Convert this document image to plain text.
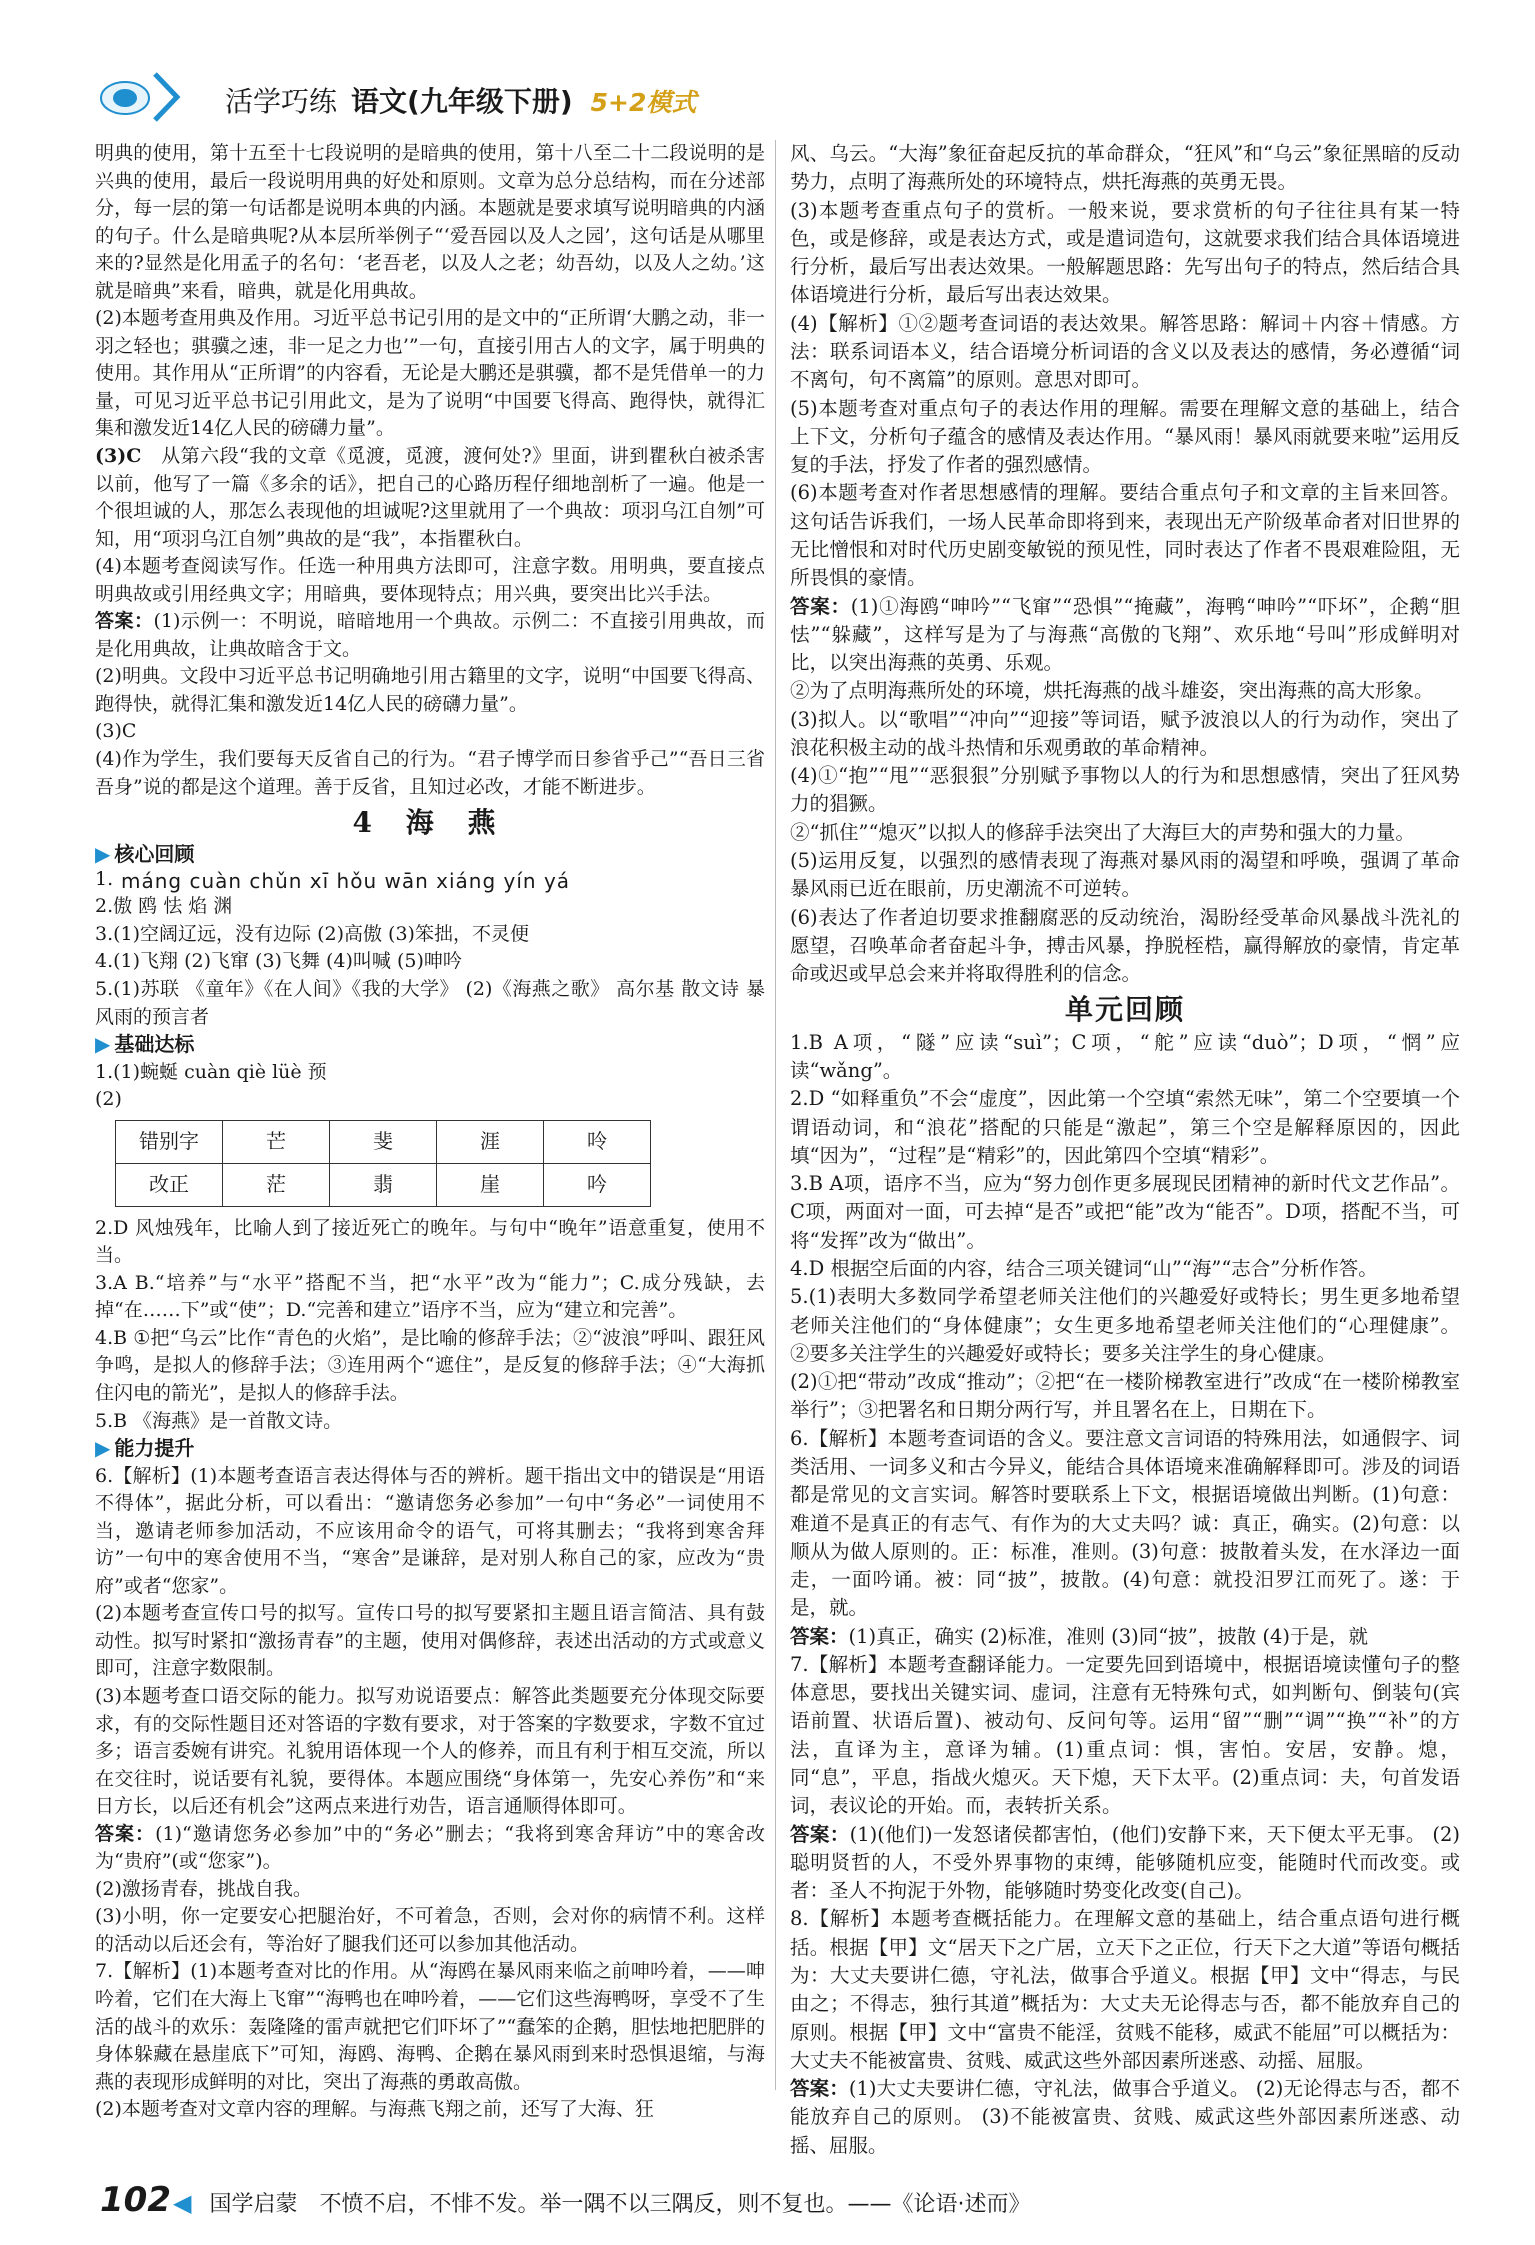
活学巧练 语文(九年级下册) 5+2模式

明典的使用，第十五至十七段说明的是暗典的使用，第十八至二十二段说明的是兴典的使用，最后一段说明用典的好处和原则。文章为总分总结构，而在分述部分，每一层的第一句话都是说明本典的内涵。本题就是要求填写说明暗典的内涵的句子。什么是暗典呢?从本层所举例子“‘爱吾园以及人之园’，这句话是从哪里来的?显然是化用孟子的名句：‘老吾老，以及人之老；幼吾幼，以及人之幼。’这就是暗典”来看，暗典，就是化用典故。

(2)本题考查用典及作用。习近平总书记引用的是文中的“正所谓‘大鹏之动，非一羽之轻也；骐骥之速，非一足之力也’”一句，直接引用古人的文字，属于明典的使用。其作用从“正所谓”的内容看，无论是大鹏还是骐骥，都不是凭借单一的力量，可见习近平总书记引用此文，是为了说明“中国要飞得高、跑得快，就得汇集和激发近14亿人民的磅礴力量”。

(3)C　 从第六段“我的文章《觅渡，觅渡，渡何处?》里面，讲到瞿秋白被杀害以前，他写了一篇《多余的话》，把自己的心路历程仔细地剖析了一遍。他是一个很坦诚的人，那怎么表现他的坦诚呢?这里就用了一个典故：项羽乌江自刎”可知，用“项羽乌江自刎”典故的是“我”，本指瞿秋白。

(4)本题考查阅读写作。任选一种用典方法即可，注意字数。用明典，要直接点明典故或引用经典文字；用暗典，要体现特点；用兴典，要突出比兴手法。

答案：(1)示例一：不明说，暗暗地用一个典故。示例二：不直接引用典故，而是化用典故，让典故暗含于文。

(2)明典。文段中习近平总书记明确地引用古籍里的文字，说明“中国要飞得高、跑得快，就得汇集和激发近14亿人民的磅礴力量”。

(3)C

(4)作为学生，我们要每天反省自己的行为。“君子博学而日参省乎己”“吾日三省吾身”说的都是这个道理。善于反省，且知过必改，才能不断进步。

4 海 燕
▶ 核心回顾
máng cuàn chǔn xī hǒu wān xiáng yín yá

1.

2.傲 鸥 怯 焰 渊

3.(1)空阔辽远，没有边际 (2)高傲 (3)笨拙，不灵便

4.(1)飞翔 (2)飞窜 (3)飞舞 (4)叫喊 (5)呻吟

5.(1)苏联 《童年》《在人间》《我的大学》 (2)《海燕之歌》 高尔基 散文诗 暴风雨的预言者

▶ 基础达标

1.(1)蜿蜒 cuàn qiè lüè 预

(2)

错别字	芒	斐	涯	呤
改正	茫	翡	崖	吟

2.D 风烛残年，比喻人到了接近死亡的晚年。与句中“晚年”语意重复，使用不当。

3.A B.“培养”与“水平”搭配不当，把“水平”改为“能力”；C.成分残缺，去掉“在……下”或“使”；D.“完善和建立”语序不当，应为“建立和完善”。

4.B ①把“乌云”比作“青色的火焰”，是比喻的修辞手法；②“波浪”呼叫、跟狂风争鸣，是拟人的修辞手法；③连用两个“遮住”，是反复的修辞手法；④“大海抓住闪电的箭光”，是拟人的修辞手法。

5.B 《海燕》是一首散文诗。

▶ 能力提升

6.【解析】(1)本题考查语言表达得体与否的辨析。题干指出文中的错误是“用语不得体”，据此分析，可以看出：“邀请您务必参加”一句中“务必”一词使用不当，邀请老师参加活动，不应该用命令的语气，可将其删去；“我将到寒舍拜访”一句中的寒舍使用不当，“寒舍”是谦辞，是对别人称自己的家，应改为“贵府”或者“您家”。

(2)本题考查宣传口号的拟写。宣传口号的拟写要紧扣主题且语言简洁、具有鼓动性。拟写时紧扣“激扬青春”的主题，使用对偶修辞，表述出活动的方式或意义即可，注意字数限制。

(3)本题考查口语交际的能力。拟写劝说语要点：解答此类题要充分体现交际要求，有的交际性题目还对答语的字数有要求，对于答案的字数要求，字数不宜过多；语言委婉有讲究。礼貌用语体现一个人的修养，而且有利于相互交流，所以在交往时，说话要有礼貌，要得体。本题应围绕“身体第一，先安心养伤”和“来日方长，以后还有机会”这两点来进行劝告，语言通顺得体即可。

答案：(1)“邀请您务必参加”中的“务必”删去；“我将到寒舍拜访”中的寒舍改为“贵府”(或“您家”)。

(2)激扬青春，挑战自我。

(3)小明，你一定要安心把腿治好，不可着急，否则，会对你的病情不利。这样的活动以后还会有，等治好了腿我们还可以参加其他活动。

7.【解析】(1)本题考查对比的作用。从“海鸥在暴风雨来临之前呻吟着，——呻吟着，它们在大海上飞窜”“海鸭也在呻吟着，——它们这些海鸭呀，享受不了生活的战斗的欢乐：轰隆隆的雷声就把它们吓坏了”“蠢笨的企鹅，胆怯地把肥胖的身体躲藏在悬崖底下”可知，海鸥、海鸭、企鹅在暴风雨到来时恐惧退缩，与海燕的表现形成鲜明的对比，突出了海燕的勇敢高傲。

(2)本题考查对文章内容的理解。与海燕飞翔之前，还写了大海、狂

风、乌云。“大海”象征奋起反抗的革命群众，“狂风”和“乌云”象征黑暗的反动势力，点明了海燕所处的环境特点，烘托海燕的英勇无畏。

(3)本题考查重点句子的赏析。一般来说，要求赏析的句子往往具有某一特色，或是修辞，或是表达方式，或是遣词造句，这就要求我们结合具体语境进行分析，最后写出表达效果。一般解题思路：先写出句子的特点，然后结合具体语境进行分析，最后写出表达效果。

(4)【解析】①②题考查词语的表达效果。解答思路：解词＋内容＋情感。方法：联系词语本义，结合语境分析词语的含义以及表达的感情，务必遵循“词不离句，句不离篇”的原则。意思对即可。

(5)本题考查对重点句子的表达作用的理解。需要在理解文意的基础上，结合上下文，分析句子蕴含的感情及表达作用。“暴风雨！暴风雨就要来啦”运用反复的手法，抒发了作者的强烈感情。

(6)本题考查对作者思想感情的理解。要结合重点句子和文章的主旨来回答。这句话告诉我们，一场人民革命即将到来，表现出无产阶级革命者对旧世界的无比憎恨和对时代历史剧变敏锐的预见性，同时表达了作者不畏艰难险阻，无所畏惧的豪情。

答案：(1)①海鸥“呻吟”“飞窜”“恐惧”“掩藏”，海鸭“呻吟”“吓坏”，企鹅“胆怯”“躲藏”，这样写是为了与海燕“高傲的飞翔”、欢乐地“号叫”形成鲜明对比，以突出海燕的英勇、乐观。

②为了点明海燕所处的环境，烘托海燕的战斗雄姿，突出海燕的高大形象。

(3)拟人。以“歌唱”“冲向”“迎接”等词语，赋予波浪以人的行为动作，突出了浪花积极主动的战斗热情和乐观勇敢的革命精神。

(4)①“抱”“甩”“恶狠狠”分别赋予事物以人的行为和思想感情，突出了狂风势力的猖獗。

②“抓住”“熄灭”以拟人的修辞手法突出了大海巨大的声势和强大的力量。

(5)运用反复，以强烈的感情表现了海燕对暴风雨的渴望和呼唤，强调了革命暴风雨已近在眼前，历史潮流不可逆转。

(6)表达了作者迫切要求推翻腐恶的反动统治，渴盼经受革命风暴战斗洗礼的愿望，召唤革命者奋起斗争，搏击风暴，挣脱桎梏，赢得解放的豪情，肯定革命或迟或早总会来并将取得胜利的信念。

单元回顾

1.B A项，“隧”应读“suì”；C项，“舵”应读“duò”；D项，“惘”应读“wǎng”。

2.D “如释重负”不会“虚度”，因此第一个空填“索然无味”，第二个空要填一个谓语动词，和“浪花”搭配的只能是“激起”，第三个空是解释原因的，因此填“因为”，“过程”是“精彩”的，因此第四个空填“精彩”。

3.B A项，语序不当，应为“努力创作更多展现民团精神的新时代文艺作品”。C项，两面对一面，可去掉“是否”或把“能”改为“能否”。D项，搭配不当，可将“发挥”改为“做出”。

4.D 根据空后面的内容，结合三项关键词“山”“海”“志合”分析作答。

5.(1)表明大多数同学希望老师关注他们的兴趣爱好或特长；男生更多地希望老师关注他们的“身体健康”；女生更多地希望老师关注他们的“心理健康”。 ②要多关注学生的兴趣爱好或特长；要多关注学生的身心健康。

(2)①把“带动”改成“推动”；②把“在一楼阶梯教室进行”改成“在一楼阶梯教室举行”；③把署名和日期分两行写，并且署名在上，日期在下。

6.【解析】本题考查词语的含义。要注意文言词语的特殊用法，如通假字、词类活用、一词多义和古今异义，能结合具体语境来准确解释即可。涉及的词语都是常见的文言实词。解答时要联系上下文，根据语境做出判断。(1)句意：难道不是真正的有志气、有作为的大丈夫吗？诚：真正，确实。(2)句意：以顺从为做人原则的。正：标准，准则。(3)句意：披散着头发，在水泽边一面走，一面吟诵。被：同“披”，披散。(4)句意：就投汨罗江而死了。遂：于是，就。

答案：(1)真正，确实 (2)标准，准则 (3)同“披”，披散 (4)于是，就

7.【解析】本题考查翻译能力。一定要先回到语境中，根据语境读懂句子的整体意思，要找出关键实词、虚词，注意有无特殊句式，如判断句、倒装句(宾语前置、状语后置)、被动句、反问句等。运用“留”“删”“调”“换”“补”的方法，直译为主，意译为辅。(1)重点词：惧，害怕。安居，安静。熄，同“息”，平息，指战火熄灭。天下熄，天下太平。(2)重点词：夫，句首发语词，表议论的开始。而，表转折关系。

答案：(1)(他们)一发怒诸侯都害怕，(他们)安静下来，天下便太平无事。 (2)聪明贤哲的人，不受外界事物的束缚，能够随机应变，能随时代而改变。或者：圣人不拘泥于外物，能够随时势变化改变(自己)。

8.【解析】本题考查概括能力。在理解文意的基础上，结合重点语句进行概括。根据【甲】文“居天下之广居，立天下之正位，行天下之大道”等语句概括为：大丈夫要讲仁德，守礼法，做事合乎道义。根据【甲】文中“得志，与民由之；不得志，独行其道”概括为：大丈夫无论得志与否，都不能放弃自己的原则。根据【甲】文中“富贵不能淫，贫贱不能移，威武不能屈”可以概括为：大丈夫不能被富贵、贫贱、威武这些外部因素所迷惑、动摇、屈服。

答案：(1)大丈夫要讲仁德，守礼法，做事合乎道义。 (2)无论得志与否，都不能放弃自己的原则。 (3)不能被富贵、贫贱、威武这些外部因素所迷惑、动摇、屈服。

102◀ 国学启蒙 不愤不启，不悱不发。举一隅不以三隅反，则不复也。——《论语·述而》
